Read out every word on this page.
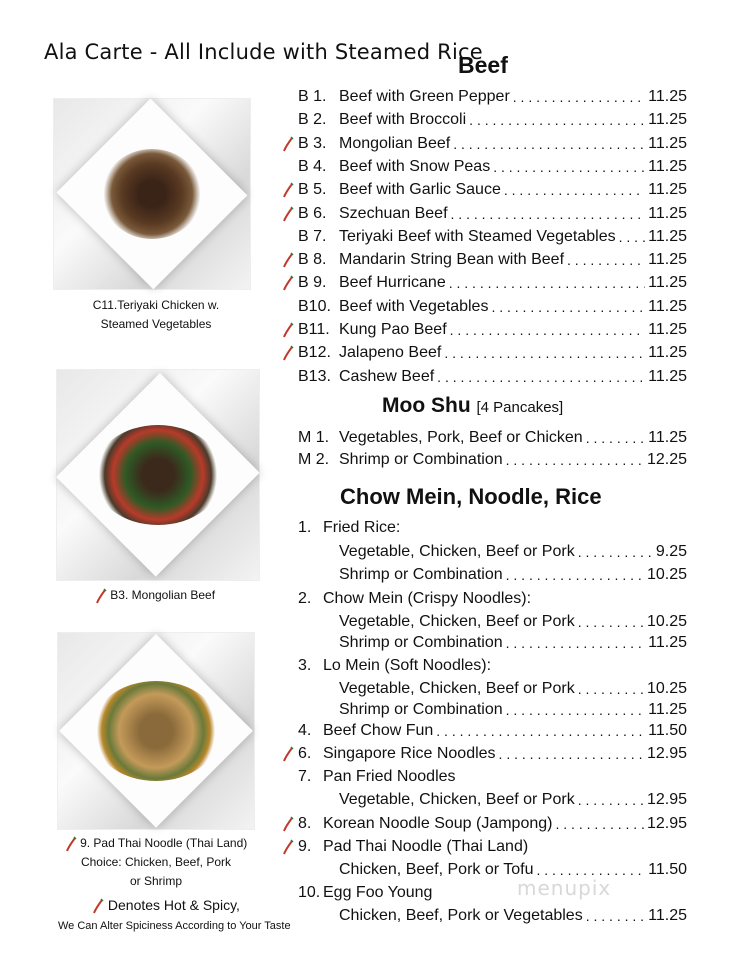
Ala Carte - All Include with Steamed Rice
C11.Teriyaki Chicken w.
Steamed Vegetables
B3. Mongolian Beef
9. Pad Thai Noodle (Thai Land)
Choice: Chicken, Beef, Pork
or Shrimp
Denotes Hot & Spicy,
We Can Alter Spiciness According to Your Taste
Beef
Moo Shu [4 Pancakes]
Chow Mein, Noodle, Rice
B 1. Beef with Green Pepper . . .	11.25
B 2. Beef with Broccoli . . .	11.25
B 3. Mongolian Beef . . .	11.25
B 4. Beef with Snow Peas . . .	11.25
B 5. Beef with Garlic Sauce . . .	11.25
B 6. Szechuan Beef . . .	11.25
B 7. Teriyaki Beef with Steamed Vegetables . . . 11.25
B 8. Mandarin String Bean with Beef . . .	11.25
B 9. Beef Hurricane . . .	11.25
B10. Beef with Vegetables . . .	11.25
B11. Kung Pao Beef . . .	11.25
B12. Jalapeno Beef . . .	11.25
B13. Cashew Beef . . .	11.25
M 1. Vegetables, Pork, Beef or Chicken . . .	11.25
M 2. Shrimp or Combination . . .	12.25
1. Fried Rice:
Vegetable, Chicken, Beef or Pork . . .	9.25
Shrimp or Combination . . .	10.25
2. Chow Mein (Crispy Noodles):
Vegetable, Chicken, Beef or Pork . . .	10.25
Shrimp or Combination . . .	11.25
3. Lo Mein (Soft Noodles):
Vegetable, Chicken, Beef or Pork . . .	10.25
Shrimp or Combination . . .	11.25
4. Beef Chow Fun . . .	11.50
6. Singapore Rice Noodles . . .	12.95
7. Pan Fried Noodles
Vegetable, Chicken, Beef or Pork . . .	12.95
8. Korean Noodle Soup (Jampong) . . .	12.95
9. Pad Thai Noodle (Thai Land)
Chicken, Beef, Pork or Tofu . . .	11.50
10. Egg Foo Young
Chicken, Beef, Pork or Vegetables . . .	11.25
menupix
